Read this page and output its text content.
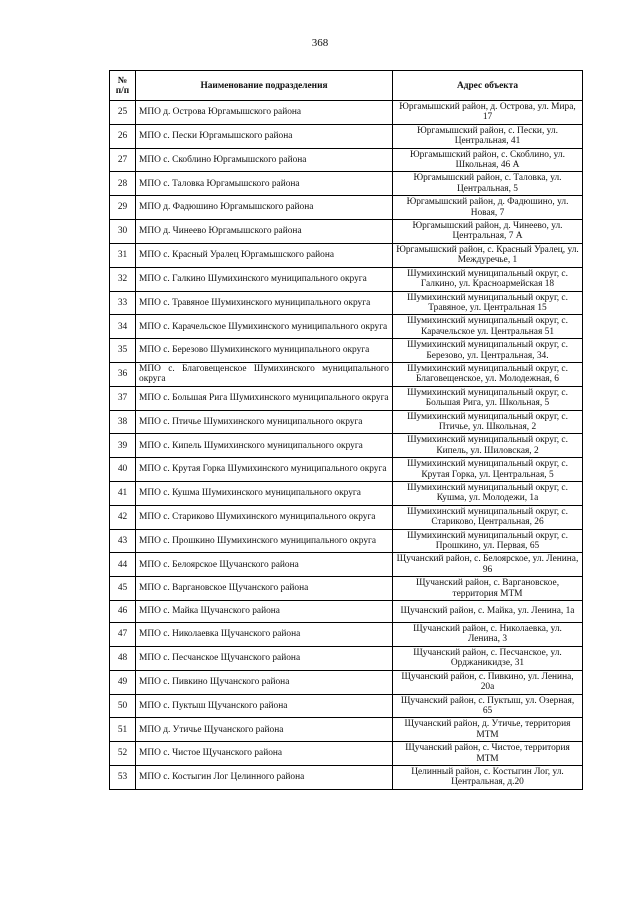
368
№ п/п	Наименование подразделения	Адрес объекта
25	МПО д. Острова Юргамышского района	Юргамышский район, д. Острова, ул. Мира, 17
26	МПО с. Пески Юргамышского района	Юргамышский район, с. Пески, ул. Центральная, 41
27	МПО с. Скоблино Юргамышского района	Юргамышский район, с. Скоблино, ул. Школьная, 46 А
28	МПО с. Таловка Юргамышского района	Юргамышский район, с. Таловка, ул. Центральная, 5
29	МПО д. Фадюшино Юргамышского района	Юргамышский район, д. Фадюшино, ул. Новая, 7
30	МПО д. Чинеево Юргамышского района	Юргамышский район, д. Чинеево, ул. Центральная, 7 А
31	МПО с. Красный Уралец Юргамышского района	Юргамышский район, с. Красный Уралец, ул. Междуречье, 1
32	МПО с. Галкино Шумихинского муниципального округа	Шумихинский муниципальный округ, с. Галкино, ул. Красноармейская 18
33	МПО с. Травяное Шумихинского муниципального округа	Шумихинский муниципальный округ, с. Травяное, ул. Центральная 15
34	МПО с. Карачельское Шумихинского муниципального округа	Шумихинский муниципальный округ, с. Карачельское ул. Центральная 51
35	МПО с. Березово Шумихинского муниципального округа	Шумихинский муниципальный округ, с. Березово, ул. Центральная, 34.
36	МПО с. Благовещенское Шумихинского муниципального округа	Шумихинский муниципальный округ, с. Благовещенское, ул. Молодежная, 6
37	МПО с. Большая Рига Шумихинского муниципального округа	Шумихинский муниципальный округ, с. Большая Рига, ул. Школьная, 5
38	МПО с. Птичье Шумихинского муниципального округа	Шумихинский муниципальный округ, с. Птичье, ул. Школьная, 2
39	МПО с. Кипель Шумихинского муниципального округа	Шумихинский муниципальный округ, с. Кипель, ул. Шиловская, 2
40	МПО с. Крутая Горка Шумихинского муниципального округа	Шумихинский муниципальный округ, с. Крутая Горка, ул. Центральная, 5
41	МПО с. Кушма Шумихинского муниципального округа	Шумихинский муниципальный округ, с. Кушма, ул. Молодежи, 1а
42	МПО с. Стариково Шумихинского муниципального округа	Шумихинский муниципальный округ, с. Стариково, Центральная, 26
43	МПО с. Прошкино Шумихинского муниципального округа	Шумихинский муниципальный округ, с. Прошкино, ул. Первая, 65
44	МПО с. Белоярское Щучанского района	Щучанский район, с. Белоярское, ул. Ленина, 96
45	МПО с. Варгановское Щучанского района	Щучанский район, с. Варгановское, территория МТМ
46	МПО с. Майка Щучанского района	Щучанский район, с. Майка, ул. Ленина, 1а
47	МПО с. Николаевка Щучанского района	Щучанский район, с. Николаевка, ул. Ленина, 3
48	МПО с. Песчанское Щучанского района	Щучанский район, с. Песчанское, ул. Орджаникидзе, 31
49	МПО с. Пивкино Щучанского района	Щучанский район, с. Пивкино, ул. Ленина, 20а
50	МПО с. Пуктыш Щучанского района	Щучанский район, с. Пуктыш, ул. Озерная, 65
51	МПО д. Утичье Щучанского района	Щучанский район, д. Утичье, территория МТМ
52	МПО с. Чистое Щучанского района	Щучанский район, с. Чистое, территория МТМ
53	МПО с. Костыгин Лог Целинного района	Целинный район, с. Костыгин Лог, ул. Центральная, д.20
